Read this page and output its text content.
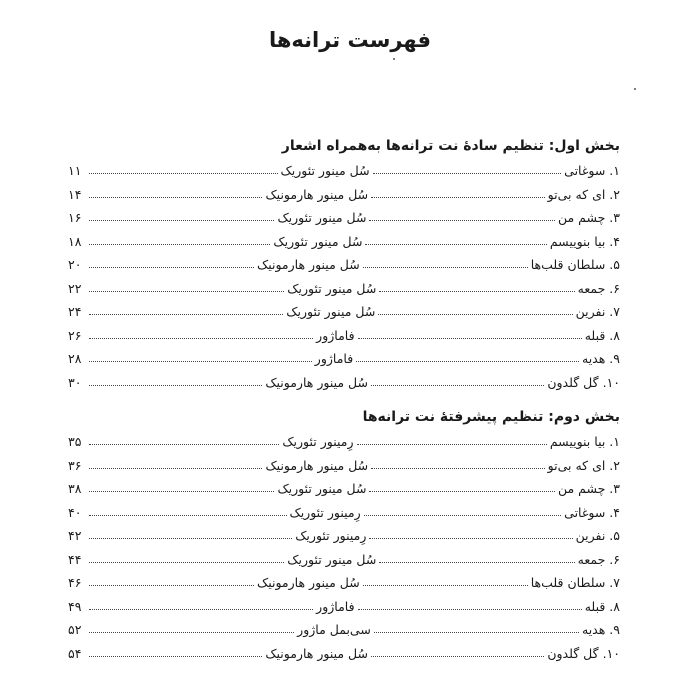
فهرست ترانه‌ها
بخش اول: تنظیم سادهٔ نت ترانه‌ها به‌همراه اشعار
۱. سوغاتی
سُل مینور تئوریک
۱۱
۲. ای که بی‌تو
سُل مینور هارمونیک
۱۴
۳. چشم من
سُل مینور تئوریک
۱۶
۴. بیا بنوییسم
سُل مینور تئوریک
۱۸
۵. سلطان قلب‌ها
سُل مینور هارمونیک
۲۰
۶. جمعه
سُل مینور تئوریک
۲۲
۷. نفرین
سُل مینور تئوریک
۲۴
۸. قبله
فاماژور
۲۶
۹. هدیه
فاماژور
۲۸
۱۰. گل گلدون
سُل مینور هارمونیک
۳۰
بخش دوم: تنظیم پیشرفتهٔ نت ترانه‌ها
۱. بیا بنوییسم
رِمینور تئوریک
۳۵
۲. ای که بی‌تو
سُل مینور هارمونیک
۳۶
۳. چشم من
سُل مینور تئوریک
۳۸
۴. سوغاتی
رِمینور تئوریک
۴۰
۵. نفرین
رِمینور تئوریک
۴۲
۶. جمعه
سُل مینور تئوریک
۴۴
۷. سلطان قلب‌ها
سُل مینور هارمونیک
۴۶
۸. قبله
فاماژور
۴۹
۹. هدیه
سی‌بمل ماژور
۵۲
۱۰. گل گلدون
سُل مینور هارمونیک
۵۴
